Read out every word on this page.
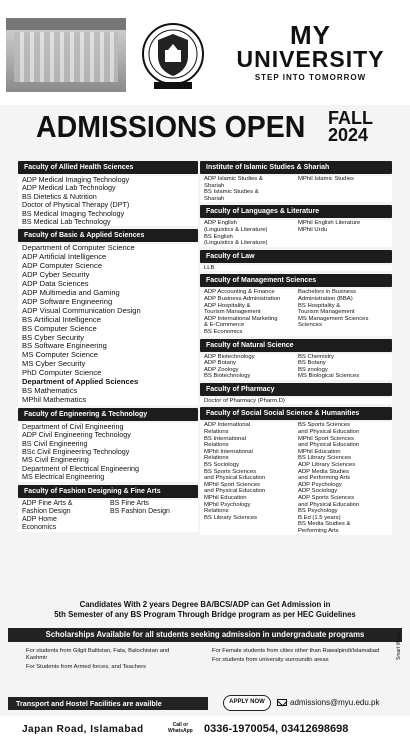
MY
UNIVERSITY
STEP INTO TOMORROW
ADMISSIONS OPEN FALL
2024
Faculty of Allied Health Sciences
ADP Medical Imaging Technology
ADP Medical Lab Technology
BS Dietetics & Nutrition
Doctor of Physical Therapy (DPT)
BS Medical Imaging Technology
BS Medical Lab Technology
Faculty of Basic & Applied Sciences
Department of Computer Science
ADP Artificial Intelligence
ADP Computer Science
ADP Cyber Security
ADP Data Sciences
ADP Multimedia and Gaming
ADP Software Engineering
ADP Visual Communication Design
BS Artificial Intelligence
BS Computer Science
BS Cyber Security
BS Software Engineering
MS Computer Science
MS Cyber Security
PhD Computer Science
Department of Applied Sciences
BS Mathematics
MPhil Mathematics
Faculty of Engineering & Technology
Department of Civil Engineering
ADP Civil Engineering Technology
BS Civil Engineering
BSc Civil Engineering Technology
MS Civil Engineering
Department of Electrical Engineering
MS Electrical Engineering
Faculty of Fashion Designing & Fine Arts
ADP Fine Arts &
Fashion Design
ADP Home
Economics
BS Fine Arts
BS Fashion Design
Institute of Islamic Studies & Shariah
ADP Islamic Studies &
Shariah
BS Islamic Studies &
Shariah
MPhil Islamic Studies
Faculty of Languages & Literature
ADP English
(Linguistics & Literature)
BS English
(Linguistics & Literature)
MPhil English Literature
MPhil Urdu
Faculty of Law
LLB
Faculty of Management Sciences
ADP Accounting & Finance
ADP Business Administration
ADP Hospitality &
Tourism Management
ADP International Marketing
& E-Commerce
BS Economics
Bachelors in Business
Administration (BBA)
BS Hospitality &
Tourism Management
MS Management Sciences
Sciences
Faculty of Natural Science
ADP Biotechnology
ADP Botany
ADP Zoology
BS Biotechnology
BS Chemistry
BS Botany
BS zoology
MS Biological Sciences
Faculty of Pharmacy
Doctor of Pharmacy (Pharm.D)
Faculty of Social Social Science & Humanities
ADP International
Relations
BS International
Relations
MPhil International
Relations
BS Sociology
BS Sports Sciences
and Physical Education
MPhil Sport Sciences
and Physical Education
MPhil Education
MPhil Psychology
Relations
BS Library Sciences
BS Sports Sciences
and Physical Education
MPhil Sport Sciences
and Physical Education
MPhil Education
BS Library Sciences
ADP Library Sciences
ADP Media Studies
and Performing Arts
ADP Psychology
ADP Sociology
ADP Sports Sciences
and Physical Education
BS Psychology
B.Ed (1.5 years)
BS Media Studies &
Performing Arts
Candidates With 2 years Degree BA/BCS/ADP can Get Admission in
5th Semester of any BS Program Through Bridge program as per HEC Guidelines
Scholarships Available for all students seeking admission in undergraduate programs

For students from Gilgit Baltistan, Fata, Balochistan and Kashmir

For Students from Armed forces, and Teachers

For Female students from cities other than Rawalpindi/Islamabad

For students from university surroundin areas	Smart Ways
Transport and Hostel Facilities are availble	APPLY NOW	admissions@myu.edu.pk
Japan Road, Islamabad	Call or
WhatsApp 0336-1970054, 03412698698
